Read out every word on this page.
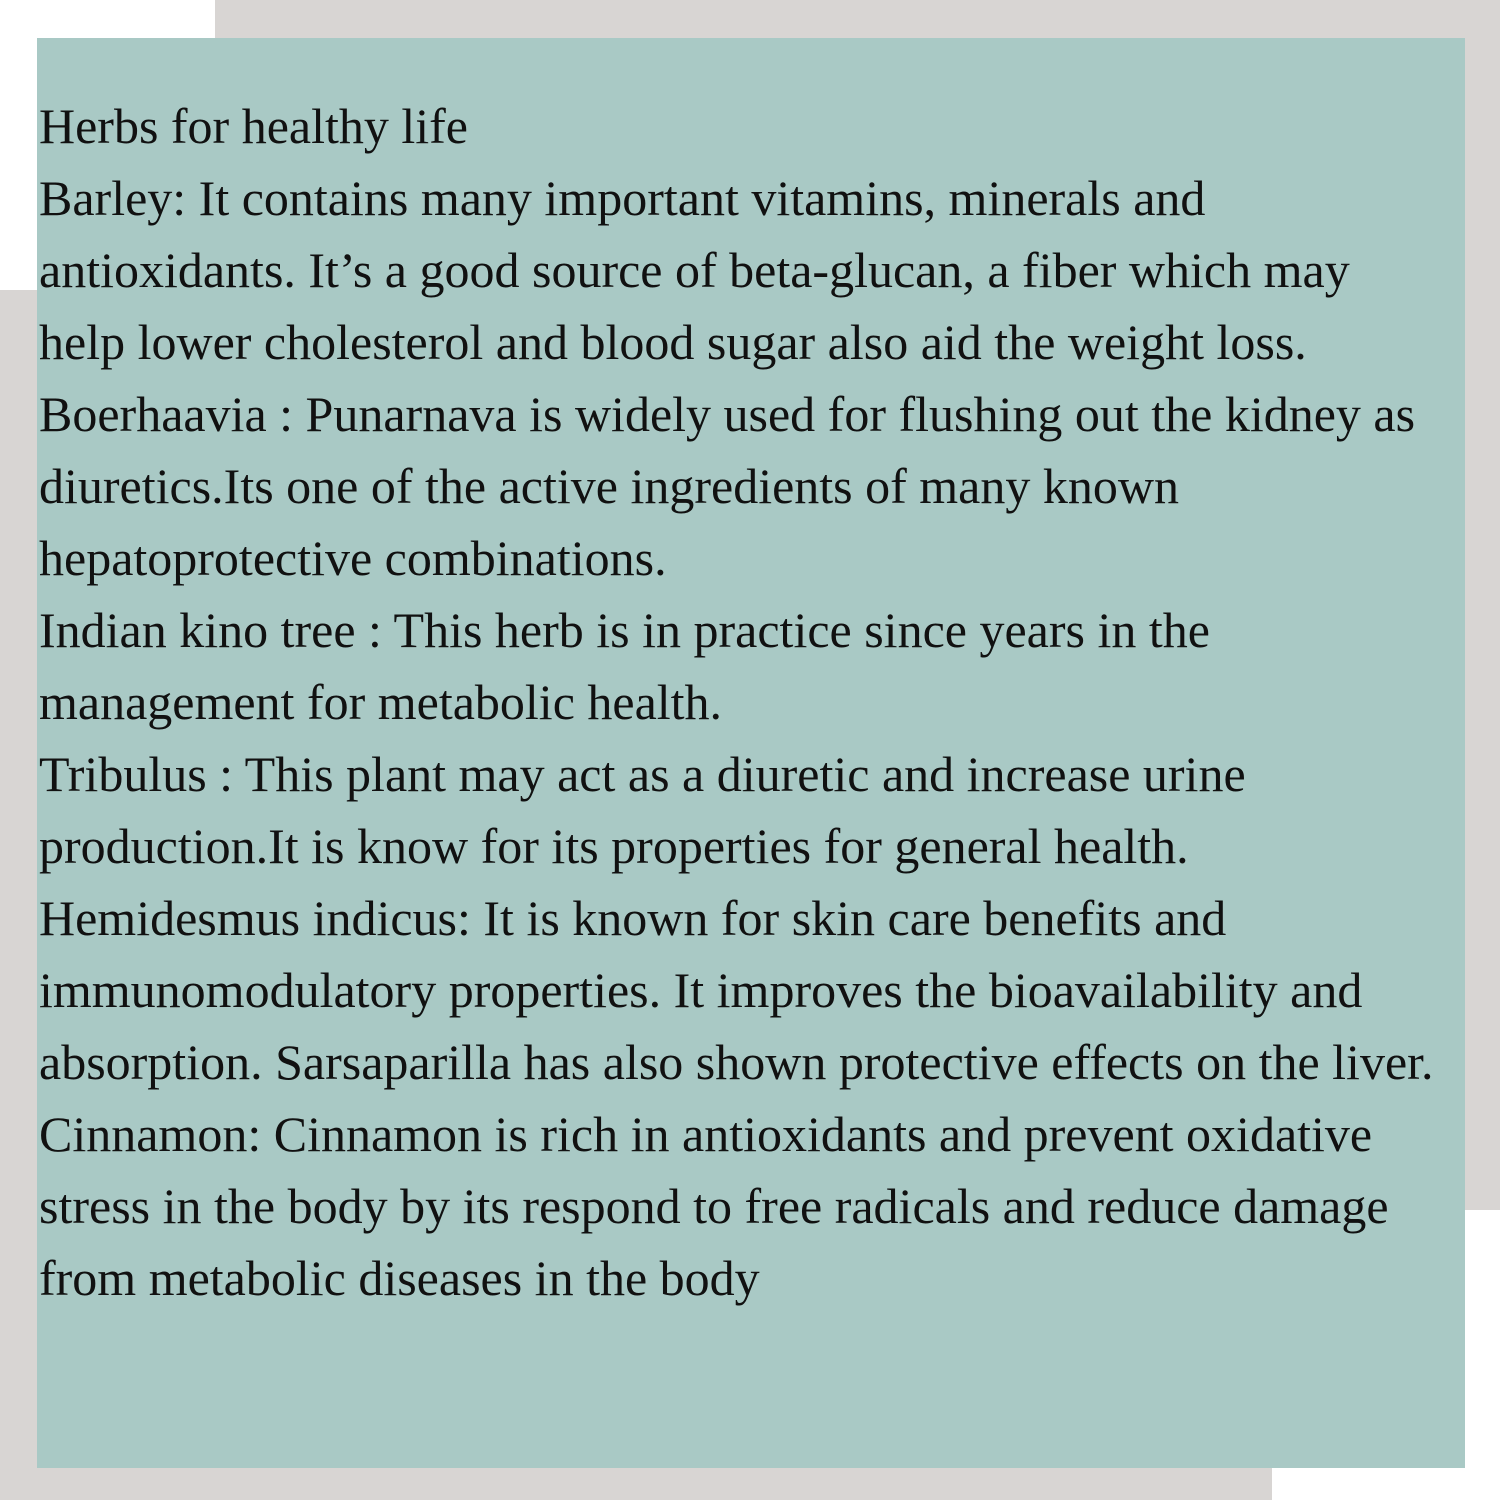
Herbs for healthy life

Barley: It contains many important vitamins, minerals and antioxidants. It’s a good source of beta-glucan, a fiber which may help lower cholesterol and blood sugar also aid the weight loss.

Boerhaavia : Punarnava is widely used for flushing out the kidney as diuretics.Its one of the active ingredients of many known hepatoprotective combinations.

Indian kino tree : This herb is in practice since years in the management for metabolic health.

Tribulus : This plant may act as a diuretic and increase urine production.It is know for its properties for general health.

Hemidesmus indicus: It is known for skin care benefits and immunomodulatory properties. It improves the bioavailability and absorption. Sarsaparilla has also shown protective effects on the liver.

Cinnamon: Cinnamon is rich in antioxidants and prevent oxidative stress in the body by its respond to free radicals and reduce damage from metabolic diseases in the body
